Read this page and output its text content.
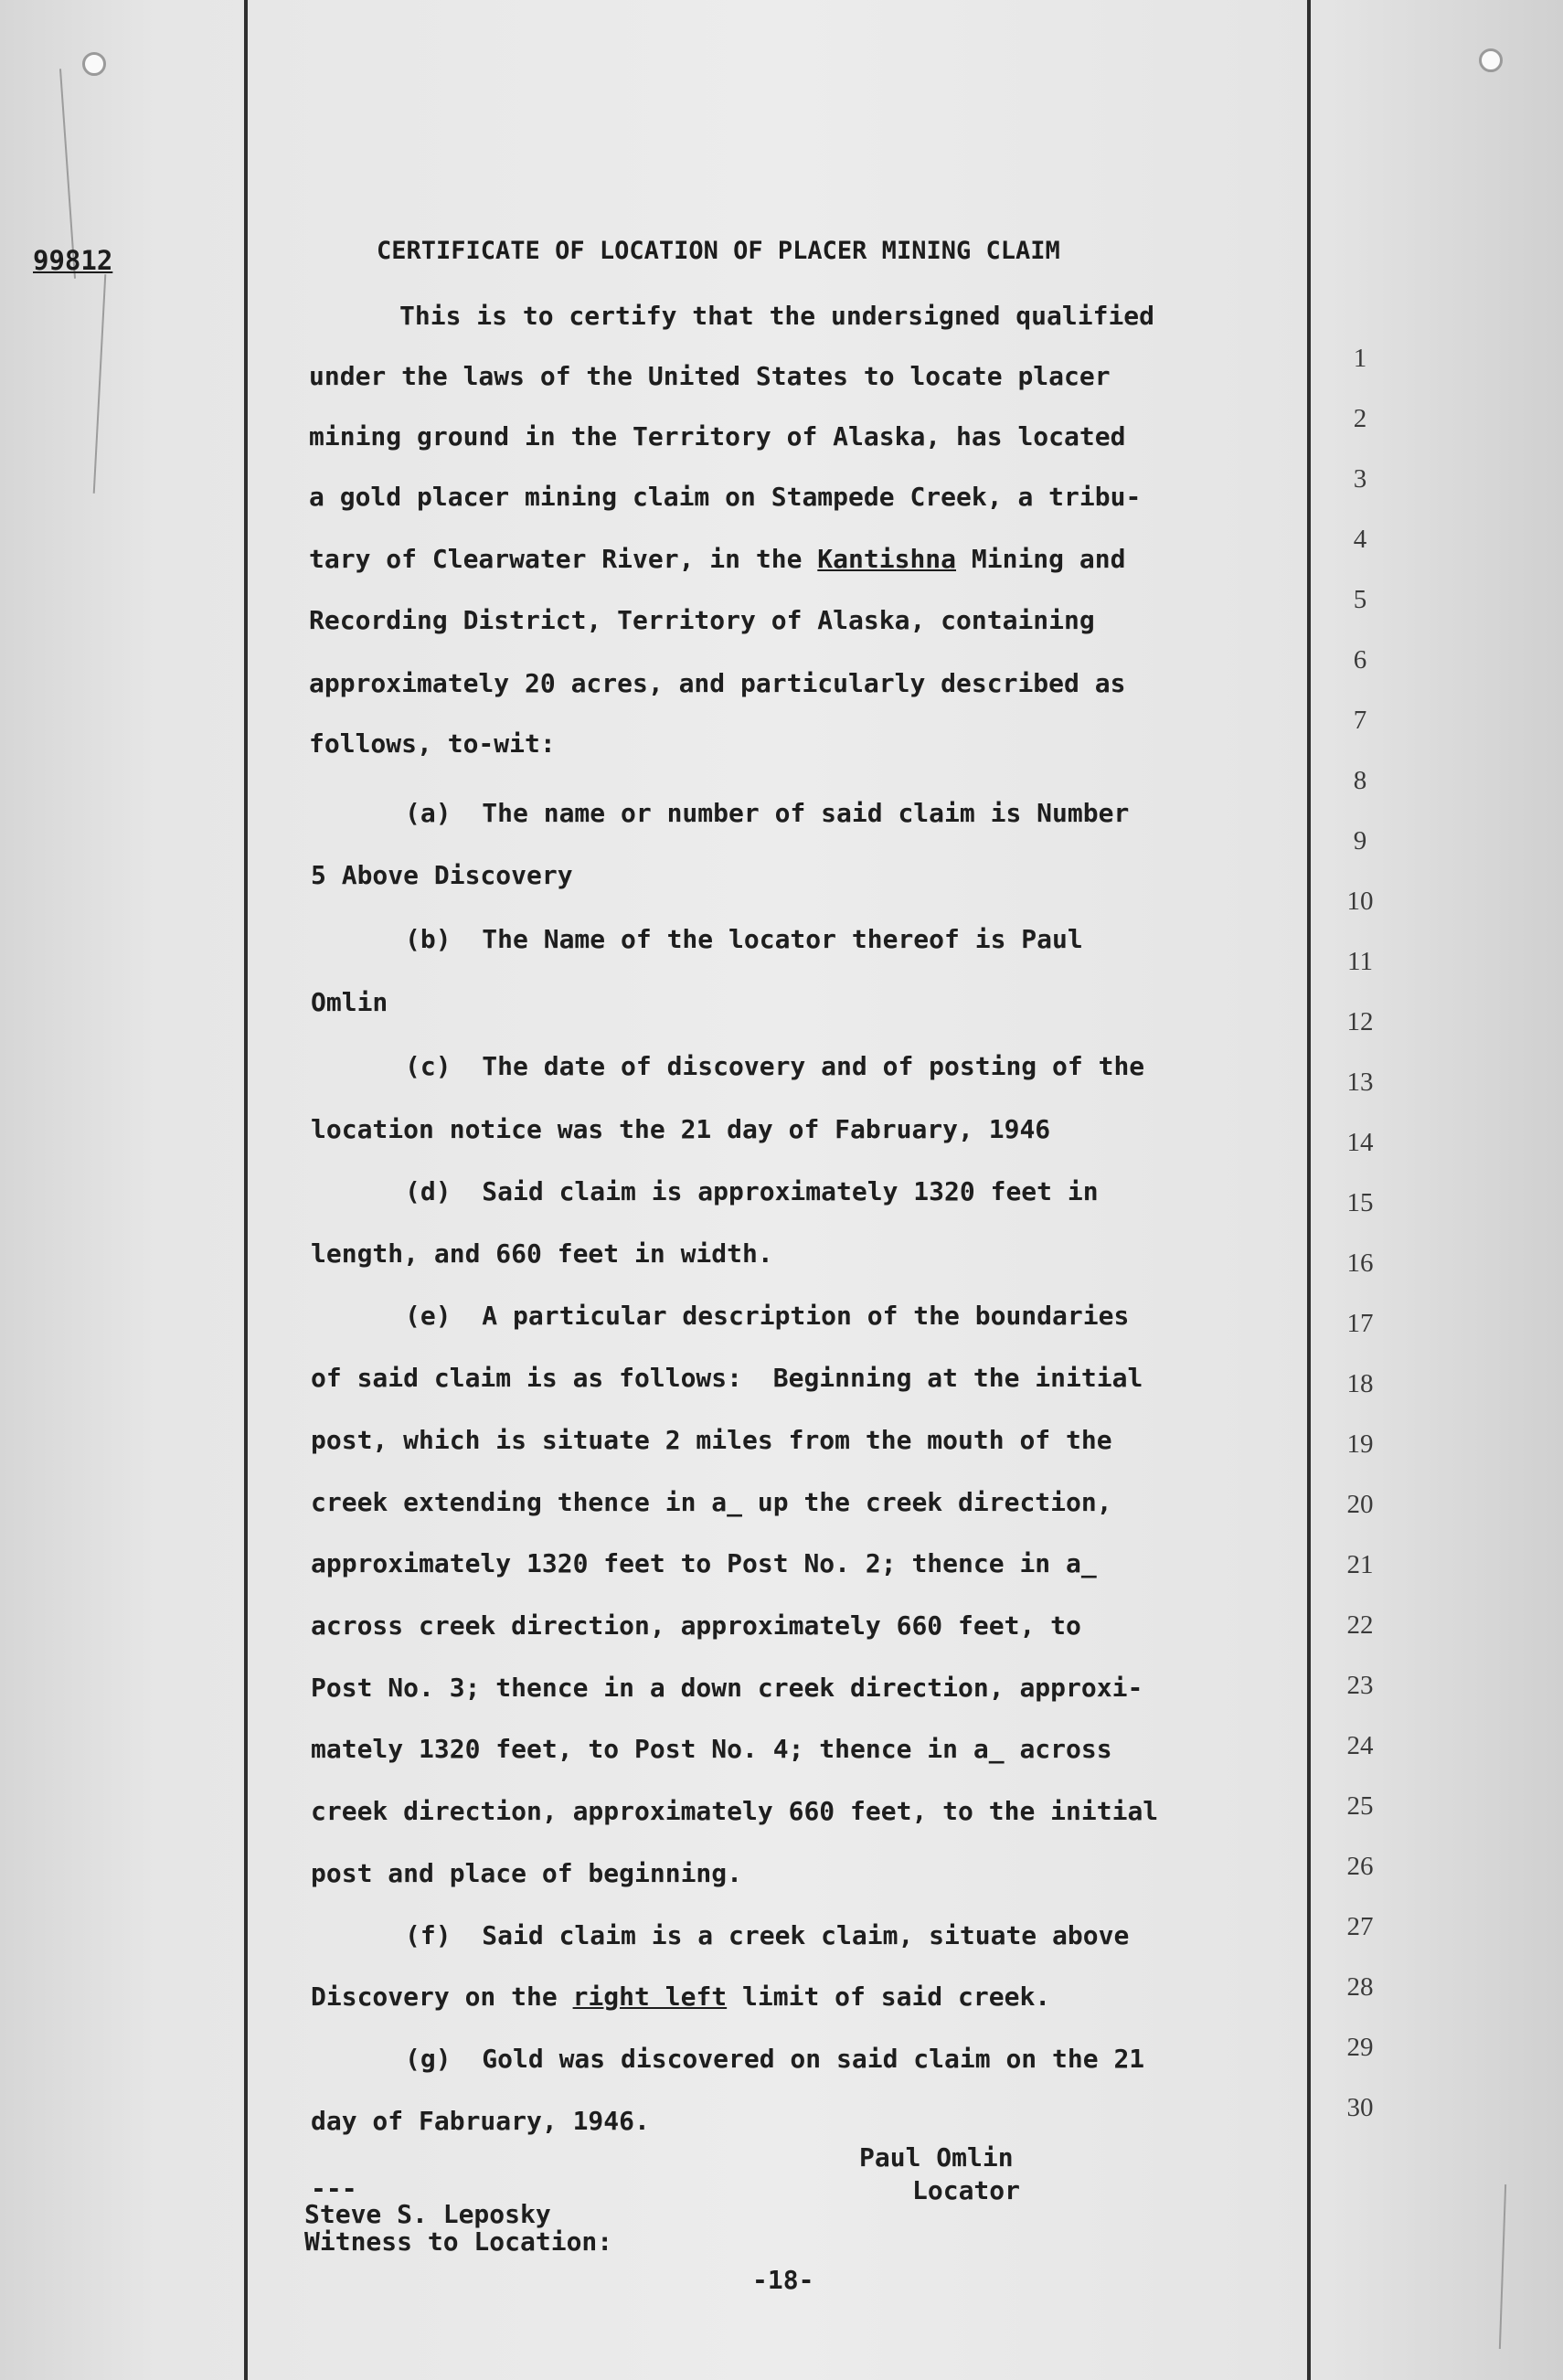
99812	CERTIFICATE OF LOCATION OF PLACER MINING CLAIM
This is to certify that the undersigned qualified
under the laws of the United States to locate placer
mining ground in the Territory of Alaska, has located
a gold placer mining claim on Stampede Creek, a tribu-
tary of Clearwater River, in the Kantishna Mining and
Recording District, Territory of Alaska, containing
approximately 20 acres, and particularly described as
follows, to-wit:
(a)  The name or number of said claim is Number
5 Above Discovery
(b)  The Name of the locator thereof is Paul
Omlin
(c)  The date of discovery and of posting of the
location notice was the 21 day of Fabruary, 1946
(d)  Said claim is approximately 1320 feet in
length, and 660 feet in width.
(e)  A particular description of the boundaries
of said claim is as follows:  Beginning at the initial
post, which is situate 2 miles from the mouth of the
creek extending thence in a_ up the creek direction,
approximately 1320 feet to Post No. 2; thence in a_
across creek direction, approximately 660 feet, to
Post No. 3; thence in a down creek direction, approxi-
mately 1320 feet, to Post No. 4; thence in a_ across
creek direction, approximately 660 feet, to the initial
post and place of beginning.
(f)  Said claim is a creek claim, situate above
Discovery on the right left limit of said creek.
(g)  Gold was discovered on said claim on the 21
day of Fabruary, 1946.
1
2
3
4
5
6
7
8
9
10
11
12
13
14
15
16
17
18
19
20
21
22
23
24
25
26
27
28
29
30
Paul Omlin
Locator
---
Steve S. Leposky
Witness to Location:
-18-
